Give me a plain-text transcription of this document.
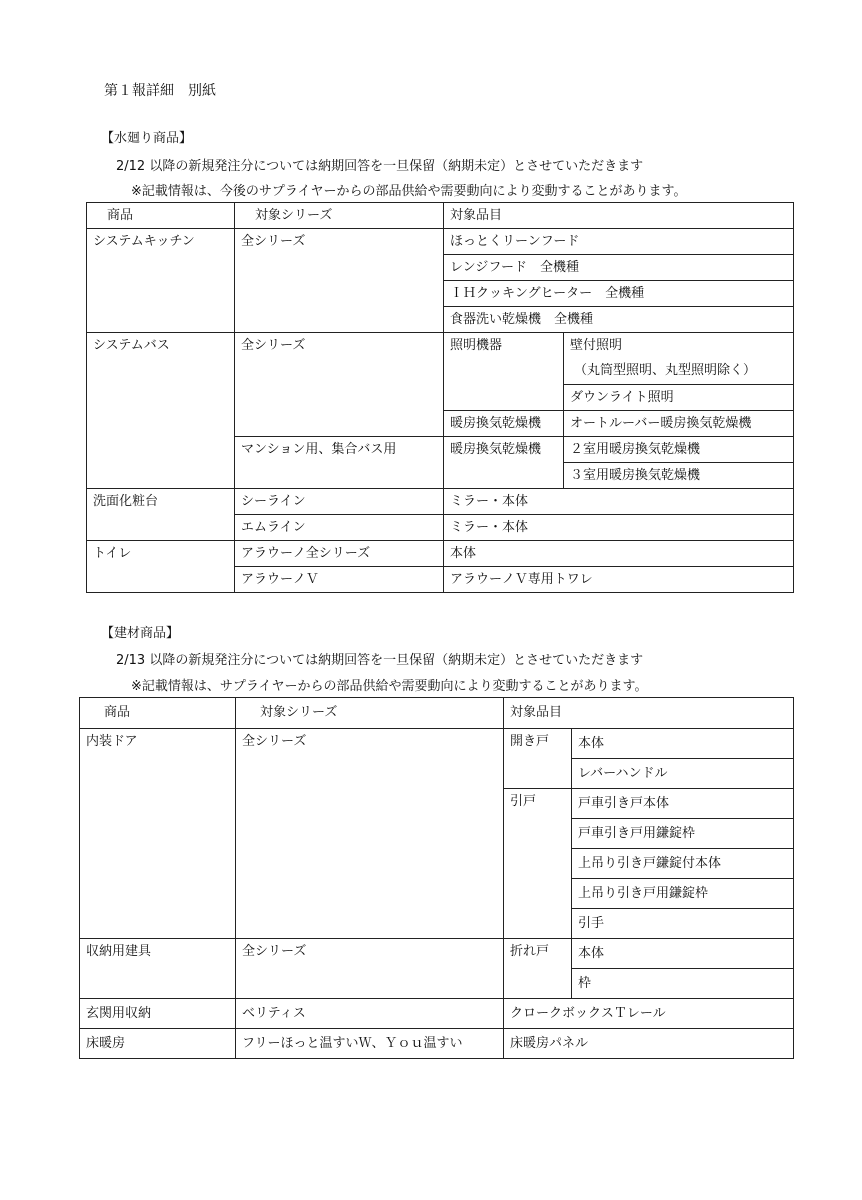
第１報詳細　別紙
【水廻り商品】
2/12 以降の新規発注分については納期回答を一旦保留（納期未定）とさせていただきます
※記載情報は、今後のサプライヤーからの部品供給や需要動向により変動することがあります。
商品	対象シリーズ	対象品目	
システムキッチン	全シリーズ	ほっとくリーンフード	
		レンジフード　全機種	
		ＩＨクッキングヒーター　全機種	
		食器洗い乾燥機　全機種	
システムバス	全シリーズ	照明機器	壁付照明
			（丸筒型照明、丸型照明除く）
			ダウンライト照明
		暖房換気乾燥機	オートルーバー暖房換気乾燥機
	マンション用、集合バス用	暖房換気乾燥機	２室用暖房換気乾燥機
			３室用暖房換気乾燥機
洗面化粧台	シーライン	ミラー・本体	
	エムライン	ミラー・本体	
トイレ	アラウーノ全シリーズ	本体	
	アラウーノＶ	アラウーノＶ専用トワレ	
【建材商品】
2/13 以降の新規発注分については納期回答を一旦保留（納期未定）とさせていただきます
※記載情報は、サプライヤーからの部品供給や需要動向により変動することがあります。
商品	対象シリーズ	対象品目	
内装ドア	全シリーズ	開き戸	本体
			レバーハンドル
		引戸	戸車引き戸本体
			戸車引き戸用鎌錠枠
			上吊り引き戸鎌錠付本体
			上吊り引き戸用鎌錠枠
			引手
収納用建具	全シリーズ	折れ戸	本体
			枠
玄関用収納	ベリティス	クロークボックスＴレール	
床暖房	フリーほっと温すいＷ、Ｙｏｕ温すい	床暖房パネル	
